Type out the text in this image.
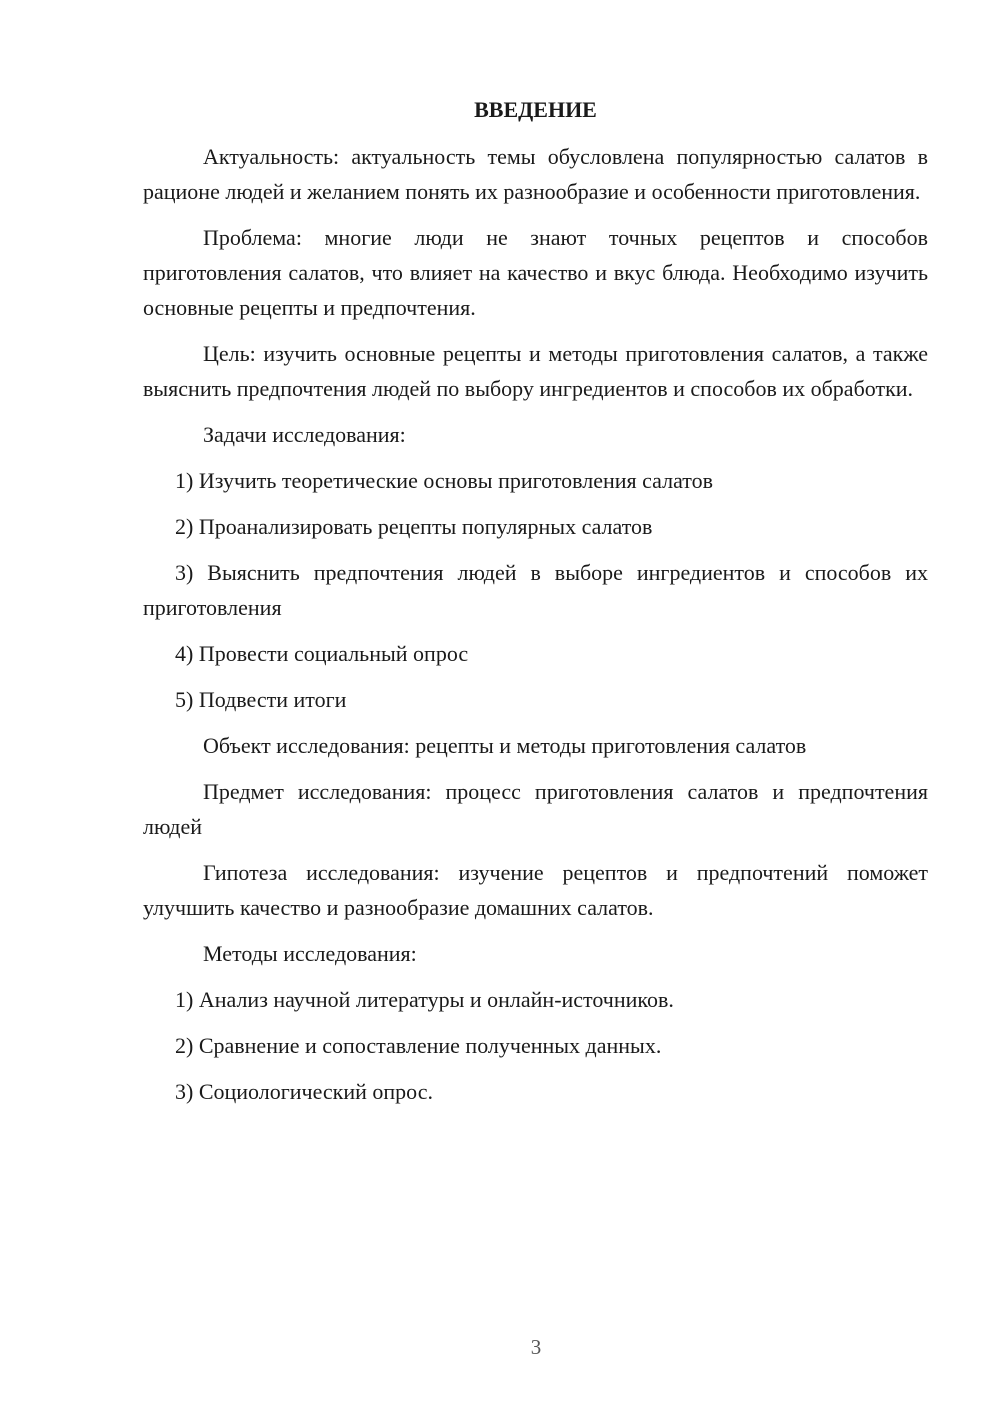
ВВЕДЕНИЕ

Актуальность: актуальность темы обусловлена популярностью салатов в рационе людей и желанием понять их разнообразие и особенности приготовления.

Проблема: многие люди не знают точных рецептов и способов приготовления салатов, что влияет на качество и вкус блюда. Необходимо изучить основные рецепты и предпочтения.

Цель: изучить основные рецепты и методы приготовления салатов, а также выяснить предпочтения людей по выбору ингредиентов и способов их обработки.

Задачи исследования:

1) Изучить теоретические основы приготовления салатов

2) Проанализировать рецепты популярных салатов

3) Выяснить предпочтения людей в выборе ингредиентов и способов их приготовления

4) Провести социальный опрос

5) Подвести итоги

Объект исследования: рецепты и методы приготовления салатов

Предмет исследования: процесс приготовления салатов и предпочтения людей

Гипотеза исследования: изучение рецептов и предпочтений поможет улучшить качество и разнообразие домашних салатов.

Методы исследования:

1) Анализ научной литературы и онлайн-источников.

2) Сравнение и сопоставление полученных данных.

3) Социологический опрос.

3
